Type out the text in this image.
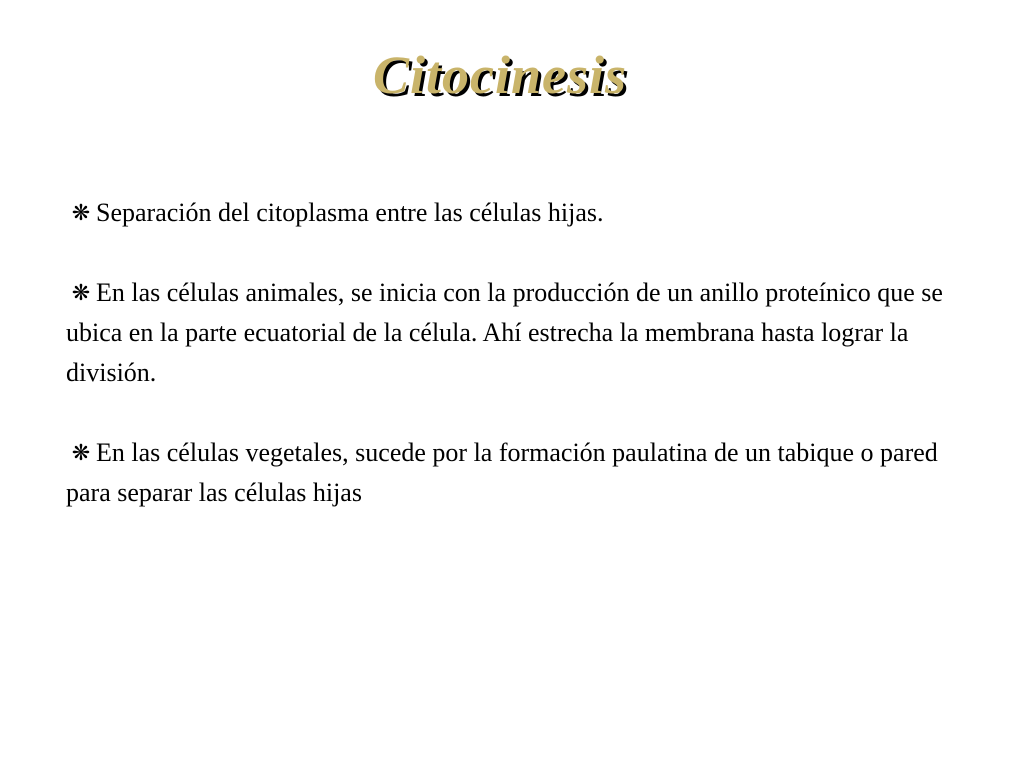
Citocinesis

❋ Separación del citoplasma entre las células hijas.

❋ En las células animales, se inicia con la producción de un anillo proteínico que se ubica en la parte ecuatorial de la célula. Ahí estrecha la membrana hasta lograr la división.

❋ En las células vegetales, sucede por la formación paulatina de un tabique o pared para separar las células hijas
